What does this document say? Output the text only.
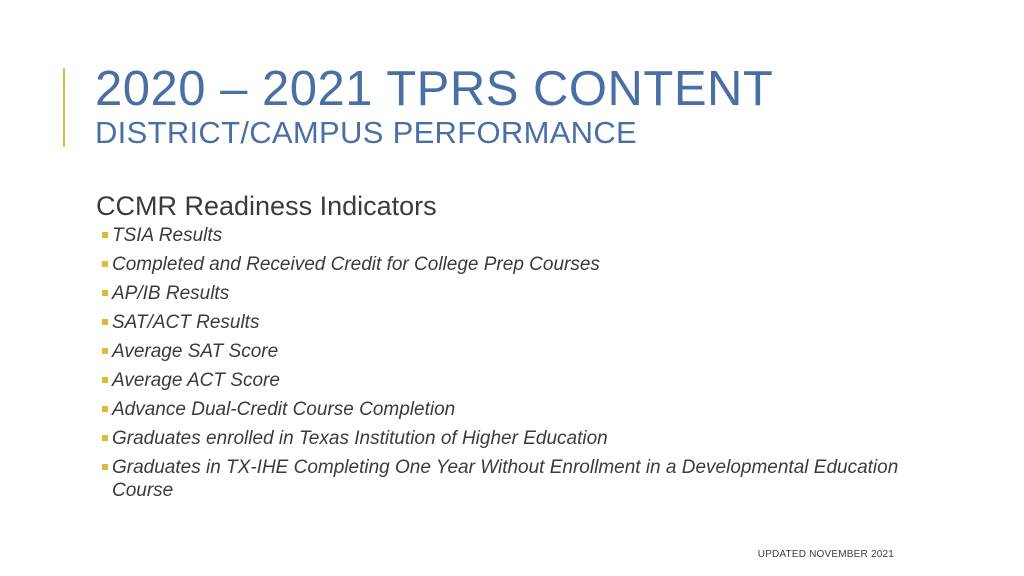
2020 – 2021 TPRS CONTENT
DISTRICT/CAMPUS PERFORMANCE
CCMR Readiness Indicators
TSIA Results
Completed and Received Credit for College Prep Courses
AP/IB Results
SAT/ACT Results
Average SAT Score
Average ACT Score
Advance Dual-Credit Course Completion
Graduates enrolled in Texas Institution of Higher Education
Graduates in TX-IHE Completing One Year Without Enrollment in a Developmental Education Course
UPDATED NOVEMBER 2021
